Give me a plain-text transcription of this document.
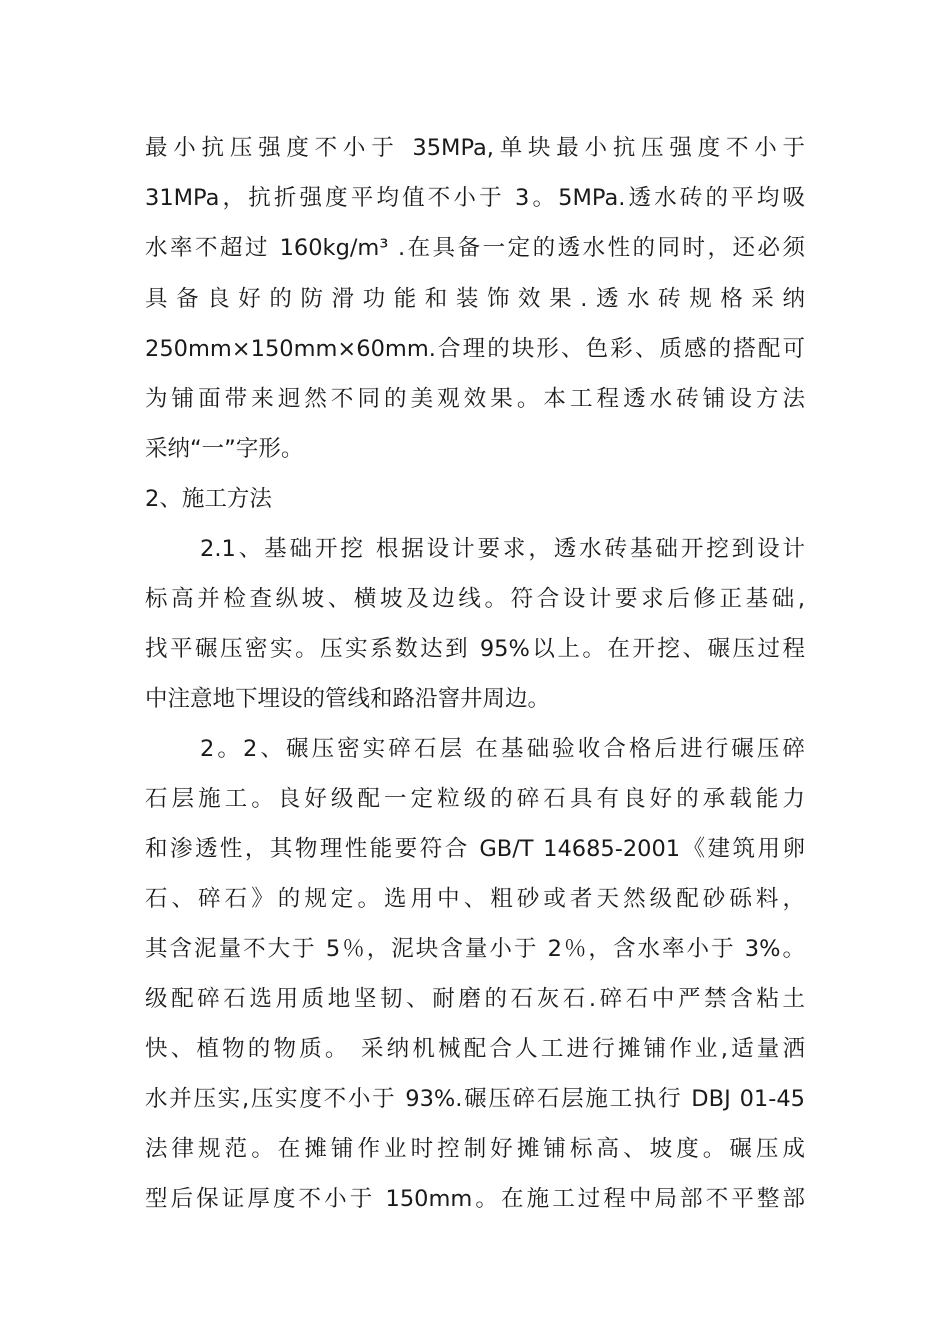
最小抗压强度不小于 35MPa,单块最小抗压强度不小于
31MPa，抗折强度平均值不小于 3。5MPa.透水砖的平均吸
水率不超过 160kg/m³ .在具备一定的透水性的同时，还必须
具备良好的防滑功能和装饰效果.透水砖规格采纳
250mm×150mm×60mm.合理的块形、色彩、质感的搭配可
为铺面带来迥然不同的美观效果。本工程透水砖铺设方法
采纳“一”字形。
2、施工方法
2.1、基础开挖 根据设计要求，透水砖基础开挖到设计
标高并检查纵坡、横坡及边线。符合设计要求后修正基础,
找平碾压密实。压实系数达到 95%以上。在开挖、碾压过程
中注意地下埋设的管线和路沿窨井周边。
2。2、碾压密实碎石层 在基础验收合格后进行碾压碎
石层施工。良好级配一定粒级的碎石具有良好的承载能力
和渗透性，其物理性能要符合 GB/T 14685-2001《建筑用卵
石、碎石》的规定。选用中、粗砂或者天然级配砂砾料，
其含泥量不大于 5％，泥块含量小于 2％，含水率小于 3%。
级配碎石选用质地坚韧、耐磨的石灰石.碎石中严禁含粘土
快、植物的物质。 采纳机械配合人工进行摊铺作业,适量洒
水并压实,压实度不小于 93%.碾压碎石层施工执行 DBJ 01-45
法律规范。在摊铺作业时控制好摊铺标高、坡度。碾压成
型后保证厚度不小于 150mm。在施工过程中局部不平整部
